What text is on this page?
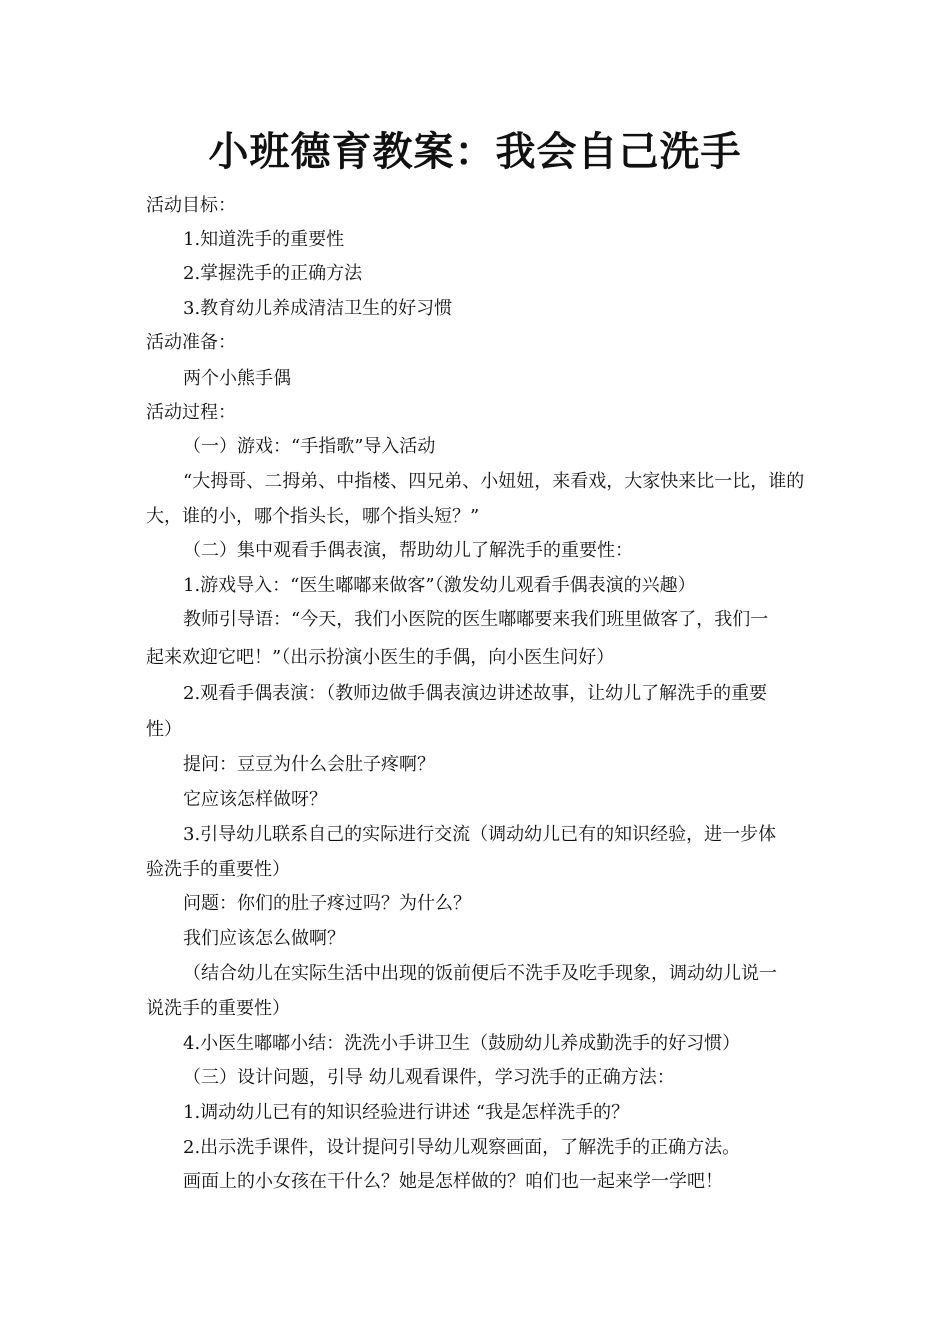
小班德育教案：我会自己洗手

活动目标：

1.知道洗手的重要性

2.掌握洗手的正确方法

3.教育幼儿养成清洁卫生的好习惯

活动准备：

两个小熊手偶

活动过程：

（一）游戏：“手指歌”导入活动

“大拇哥、二拇弟、中指楼、四兄弟、小妞妞，来看戏，大家快来比一比，谁的

大，谁的小，哪个指头长，哪个指头短？”

（二）集中观看手偶表演，帮助幼儿了解洗手的重要性：

1.游戏导入：“医生嘟嘟来做客”（激发幼儿观看手偶表演的兴趣）

教师引导语：“今天，我们小医院的医生嘟嘟要来我们班里做客了，我们一

起来欢迎它吧！”（出示扮演小医生的手偶，向小医生问好）

2.观看手偶表演：（教师边做手偶表演边讲述故事，让幼儿了解洗手的重要

性）

提问：豆豆为什么会肚子疼啊？

它应该怎样做呀？

3.引导幼儿联系自己的实际进行交流（调动幼儿已有的知识经验，进一步体

验洗手的重要性）

问题：你们的肚子疼过吗？为什么？

我们应该怎么做啊？

（结合幼儿在实际生活中出现的饭前便后不洗手及吃手现象，调动幼儿说一

说洗手的重要性）

4.小医生嘟嘟小结：洗洗小手讲卫生（鼓励幼儿养成勤洗手的好习惯）

（三）设计问题，引导 幼儿观看课件，学习洗手的正确方法：

1.调动幼儿已有的知识经验进行讲述 “我是怎样洗手的？

2.出示洗手课件，设计提问引导幼儿观察画面，了解洗手的正确方法。

画面上的小女孩在干什么？她是怎样做的？咱们也一起来学一学吧！
